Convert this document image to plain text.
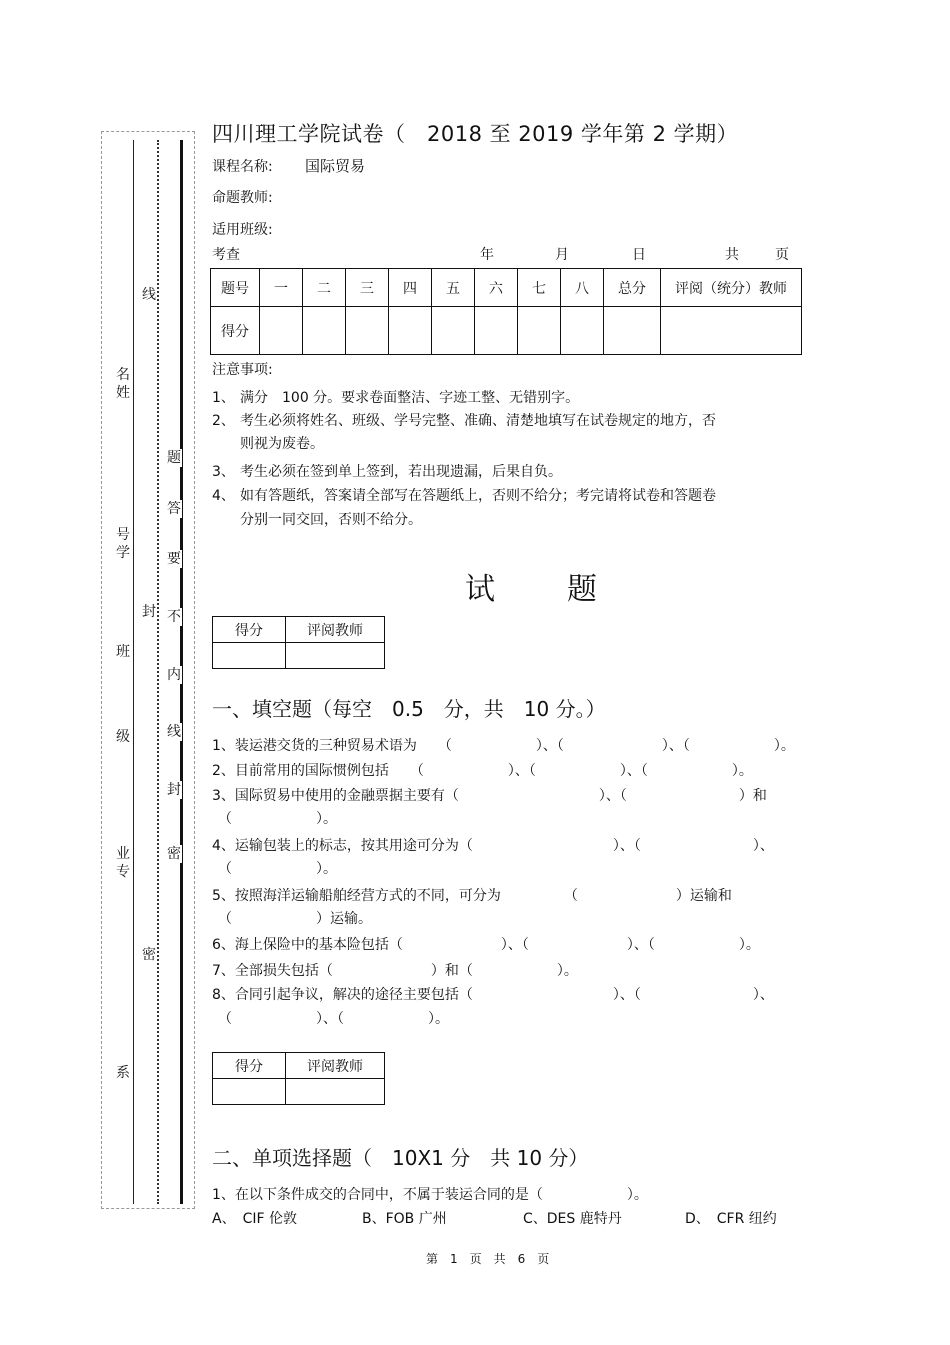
名
姓
号
学
班
级
业
专
系
线
封
密
题
答
要
不
内
线
封
密
四川理工学院试卷（　2018 至 2019 学年第 2 学期）
课程名称: 国际贸易
命题教师:
适用班级:
考查	年	月	日	共	页
题号	一	二	三	四	五	六	七	八	总分	评阅（统分）教师
得分										
注意事项:
1、 满分　100 分。要求卷面整洁、字迹工整、无错别字。
2、 考生必须将姓名、班级、学号完整、准确、清楚地填写在试卷规定的地方，否
则视为废卷。
3、 考生必须在签到单上签到，若出现遗漏，后果自负。
4、 如有答题纸，答案请全部写在答题纸上，否则不给分；考完请将试卷和答题卷
分别一同交回，否则不给分。
试 题
得分	评阅教师

一、填空题（每空　0.5　分，共　10 分。）
1、装运港交货的三种贸易术语为　　（　　　　　　）、（　　　　　　　）、（　　　　　　）。
2、目前常用的国际惯例包括　　（　　　　　　）、（　　　　　　）、（　　　　　　）。
3、国际贸易中使用的金融票据主要有（　　　　　　　　　　）、（　　　　　　　　）和
（　　　　　　）。
4、运输包装上的标志，按其用途可分为（　　　　　　　　　　）、（　　　　　　　　）、
（　　　　　　）。
5、按照海洋运输船舶经营方式的不同，可分为　　　　　（　　　　　　　）运输和
（　　　　　　）运输。
6、海上保险中的基本险包括（　　　　　　　）、（　　　　　　　）、（　　　　　　）。
7、全部损失包括（　　　　　　　）和（　　　　　　）。
8、合同引起争议，解决的途径主要包括（　　　　　　　　　　）、（　　　　　　　　）、
（　　　　　　）、（　　　　　　）。
得分	评阅教师

二、单项选择题（　10X1 分　共 10 分）
1、在以下条件成交的合同中，不属于装运合同的是（　　　　　　）。
A、　CIF 伦敦	B、FOB 广州	C、DES 鹿特丹	D、　CFR 纽约
第　1　页　共　6　页
